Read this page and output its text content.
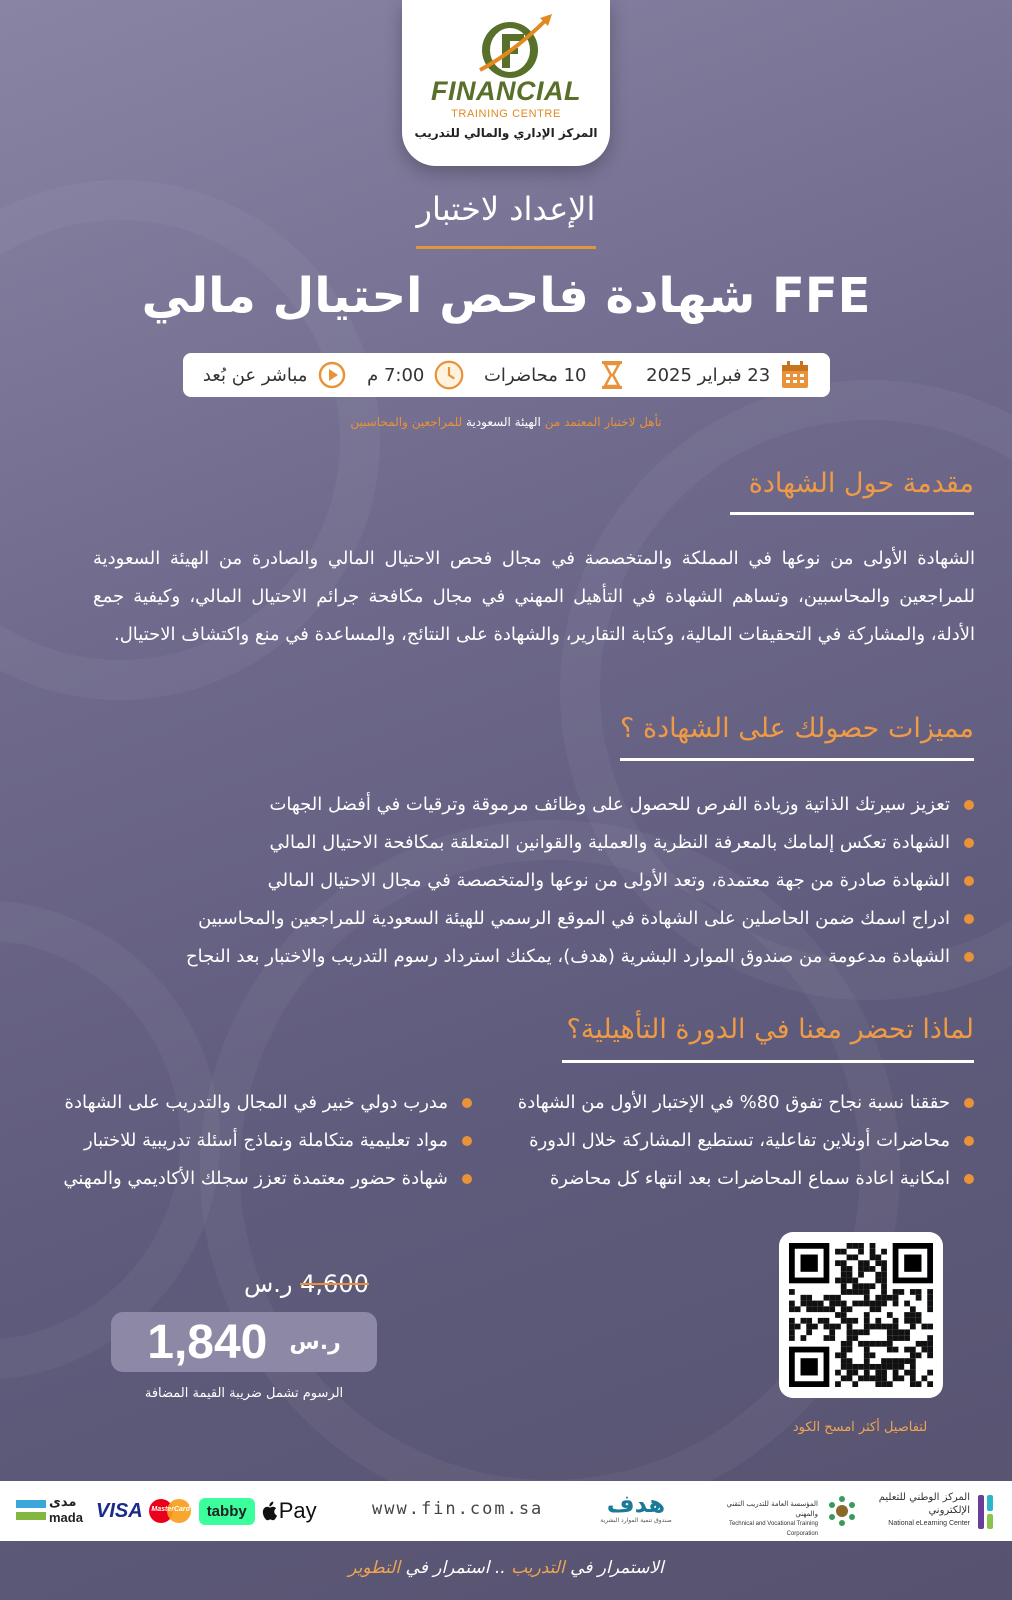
FINANCIAL
TRAINING CENTRE
المركز الإداري والمالي للتدريب
الإعداد لاختبار
شهادة فاحص احتيال مالي FFE
23 فبراير 2025
10 محاضرات
7:00 م
مباشر عن بُعد
تأهل لاختبار المعتمد من الهيئة السعودية للمراجعين والمحاسبين
مقدمة حول الشهادة
الشهادة الأولى من نوعها في المملكة والمتخصصة في مجال فحص الاحتيال المالي والصادرة من الهيئة السعودية للمراجعين والمحاسبين، وتساهم الشهادة في التأهيل المهني في مجال مكافحة جرائم الاحتيال المالي، وكيفية جمع الأدلة، والمشاركة في التحقيقات المالية، وكتابة التقارير، والشهادة على النتائج، والمساعدة في منع واكتشاف الاحتيال.
مميزات حصولك على الشهادة ؟
تعزيز سيرتك الذاتية وزيادة الفرص للحصول على وظائف مرموقة وترقيات في أفضل الجهات
الشهادة تعكس إلمامك بالمعرفة النظرية والعملية والقوانين المتعلقة بمكافحة الاحتيال المالي
الشهادة صادرة من جهة معتمدة، وتعد الأولى من نوعها والمتخصصة في مجال الاحتيال المالي
ادراج اسمك ضمن الحاصلين على الشهادة في الموقع الرسمي للهيئة السعودية للمراجعين والمحاسبين
الشهادة مدعومة من صندوق الموارد البشرية (هدف)، يمكنك استرداد رسوم التدريب والاختبار بعد النجاح
لماذا تحضر معنا في الدورة التأهيلية؟
حققنا نسبة نجاح تفوق 80% في الإختبار الأول من الشهادة
محاضرات أونلاين تفاعلية، تستطيع المشاركة خلال الدورة
امكانية اعادة سماع المحاضرات بعد انتهاء كل محاضرة
مدرب دولي خبير في المجال والتدريب على الشهادة
مواد تعليمية متكاملة ونماذج أسئلة تدريبية للاختبار
شهادة حضور معتمدة تعزز سجلك الأكاديمي والمهني
لتفاصيل أكثر امسح الكود
4,600 ر.س
ر.س
1,840
الرسوم تشمل ضريبة القيمة المضافة
مدى
mada VISA	MasterCard	tabby	Pay	www.fin.com.sa	هدف
صندوق تنمية الموارد البشرية
المؤسسة العامة للتدريب التقني والمهني
Technical and Vocational Training Corporation
المركز الوطني للتعليم الإلكتروني
National eLearning Center
الاستمرار في التدريب .. استمرار في التطوير
